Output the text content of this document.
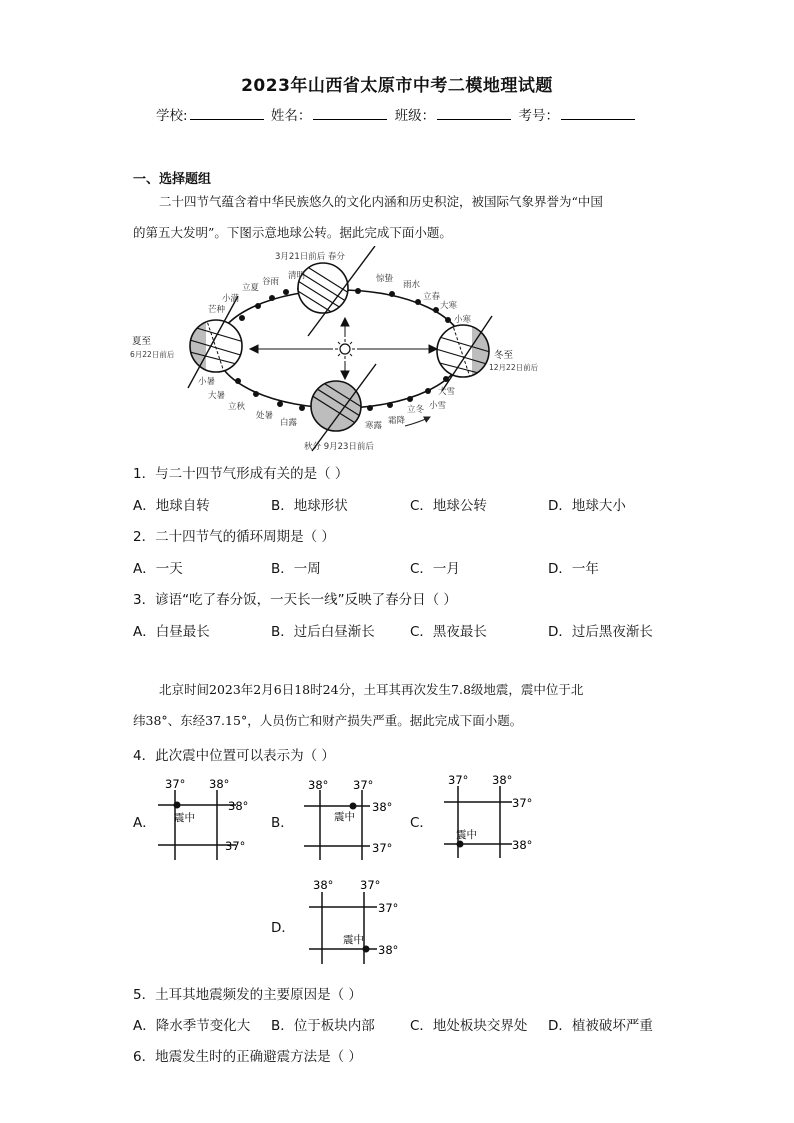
2023年山西省太原市中考二模地理试题
学校:	姓名：	班级：	考号：
一、选择题组
二十四节气蕴含着中华民族悠久的文化内涵和历史积淀，被国际气象界誉为“中国
的第五大发明”。下图示意地球公转。据此完成下面小题。
3月21日前后 春分
夏至
6月22日前后	冬至
12月22日前后
秋分 9月23日前后
清明
谷雨
立夏
小满
芒种
惊蛰
雨水
立春
大寒
小寒
小暑
大暑
立秋
处暑
白露	寒露 霜降
立冬 小雪
大雪
1．与二十四节气形成有关的是（ ）
A．地球自转	B．地球形状	C．地球公转	D．地球大小
2．二十四节气的循环周期是（ ）
A．一天	B．一周	C．一月	D．一年
3．谚语“吃了春分饭，一天长一线”反映了春分日（ ）
A．白昼最长	B．过后白昼渐长	C．黑夜最长	D．过后黑夜渐长
北京时间2023年2月6日18时24分，土耳其再次发生7.8级地震，震中位于北
纬38°、东经37.15°，人员伤亡和财产损失严重。据此完成下面小题。
4．此次震中位置可以表示为（ ）
A．
37° 38°
38°
37°
震中	B．
38° 37°
38°
37°
震中	C．
37° 38°
37°
38°
震中
D．
38° 37°
37°
38°
震中
5．土耳其地震频发的主要原因是（ ）
A．降水季节变化大 B．位于板块内部	C．地处板块交界处 D．植被破坏严重
6．地震发生时的正确避震方法是（ ）
